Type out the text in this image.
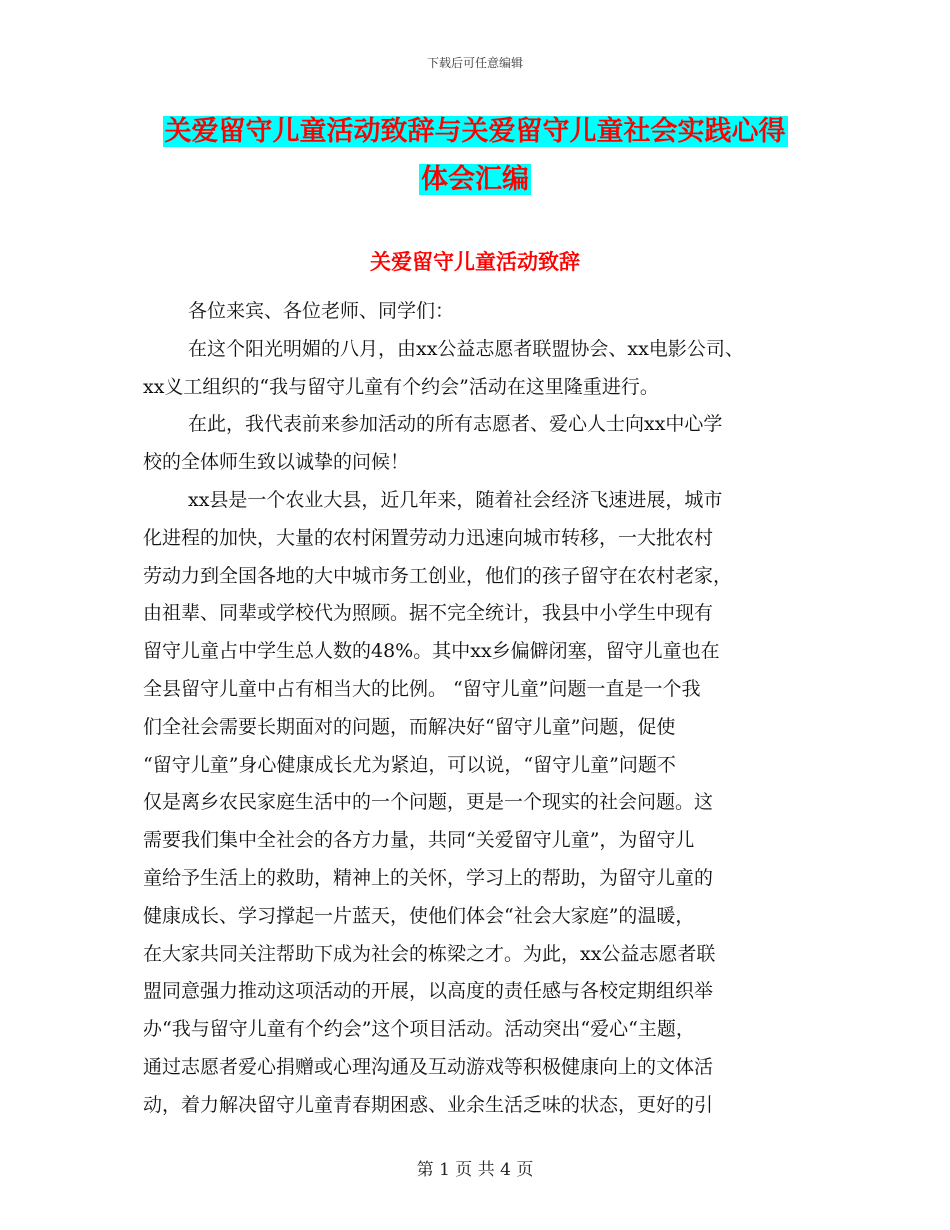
下载后可任意编辑
关爱留守儿童活动致辞与关爱留守儿童社会实践心得
体会汇编
关爱留守儿童活动致辞
各位来宾、各位老师、同学们：
在这个阳光明媚的八月，由xx公益志愿者联盟协会、xx电影公司、
xx义工组织的“我与留守儿童有个约会”活动在这里隆重进行。
在此，我代表前来参加活动的所有志愿者、爱心人士向xx中心学
校的全体师生致以诚挚的问候！
xx县是一个农业大县，近几年来，随着社会经济飞速进展，城市
化进程的加快，大量的农村闲置劳动力迅速向城市转移，一大批农村
劳动力到全国各地的大中城市务工创业，他们的孩子留守在农村老家，
由祖辈、同辈或学校代为照顾。据不完全统计，我县中小学生中现有
留守儿童占中学生总人数的48%。其中xx乡偏僻闭塞，留守儿童也在
全县留守儿童中占有相当大的比例。 “留守儿童”问题一直是一个我
们全社会需要长期面对的问题，而解决好“留守儿童”问题，促使
“留守儿童”身心健康成长尤为紧迫，可以说，“留守儿童”问题不
仅是离乡农民家庭生活中的一个问题，更是一个现实的社会问题。这
需要我们集中全社会的各方力量，共同“关爱留守儿童”，为留守儿
童给予生活上的救助，精神上的关怀，学习上的帮助，为留守儿童的
健康成长、学习撑起一片蓝天，使他们体会“社会大家庭”的温暖，
在大家共同关注帮助下成为社会的栋梁之才。为此，xx公益志愿者联
盟同意强力推动这项活动的开展，以高度的责任感与各校定期组织举
办“我与留守儿童有个约会”这个项目活动。活动突出“爱心“主题，
通过志愿者爱心捐赠或心理沟通及互动游戏等积极健康向上的文体活
动，着力解决留守儿童青春期困惑、业余生活乏味的状态，更好的引
第 1 页 共 4 页
